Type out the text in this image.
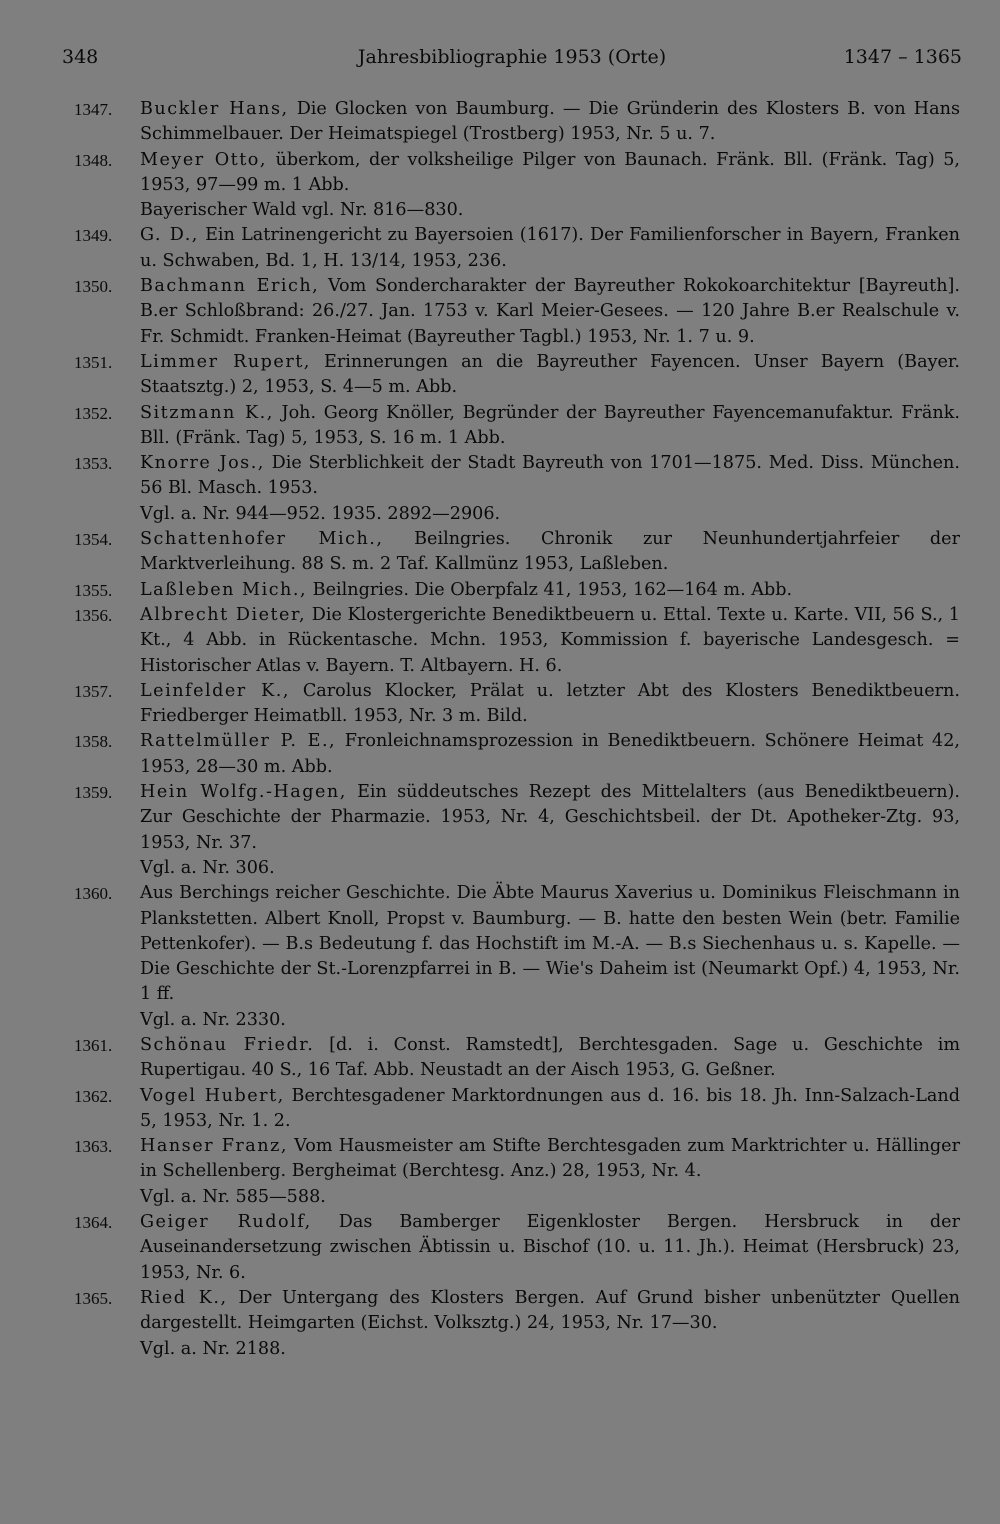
348	Jahresbibliographie 1953 (Orte)	1347 – 1365
1347. Buckler Hans, Die Glocken von Baumburg. — Die Gründerin des Klosters B. von Hans Schimmelbauer. Der Heimatspiegel (Trostberg) 1953, Nr. 5 u. 7.
1348. Meyer Otto, überkom, der volksheilige Pilger von Baunach. Fränk. Bll. (Fränk. Tag) 5, 1953, 97—99 m. 1 Abb.
Bayerischer Wald vgl. Nr. 816—830.
1349. G. D., Ein Latrinengericht zu Bayersoien (1617). Der Familienforscher in Bayern, Franken u. Schwaben, Bd. 1, H. 13/14, 1953, 236.
1350. Bachmann Erich, Vom Sondercharakter der Bayreuther Rokokoarchitektur [Bayreuth]. B.er Schloßbrand: 26./27. Jan. 1753 v. Karl Meier-Gesees. — 120 Jahre B.er Realschule v. Fr. Schmidt. Franken-Heimat (Bayreuther Tagbl.) 1953, Nr. 1. 7 u. 9.
1351. Limmer Rupert, Erinnerungen an die Bayreuther Fayencen. Unser Bayern (Bayer. Staatsztg.) 2, 1953, S. 4—5 m. Abb.
1352. Sitzmann K., Joh. Georg Knöller, Begründer der Bayreuther Fayencemanufaktur. Fränk. Bll. (Fränk. Tag) 5, 1953, S. 16 m. 1 Abb.
1353. Knorre Jos., Die Sterblichkeit der Stadt Bayreuth von 1701—1875. Med. Diss. München. 56 Bl. Masch. 1953.
Vgl. a. Nr. 944—952. 1935. 2892—2906.
1354. Schattenhofer Mich., Beilngries. Chronik zur Neunhundertjahrfeier der Marktverleihung. 88 S. m. 2 Taf. Kallmünz 1953, Laßleben.
1355. Laßleben Mich., Beilngries. Die Oberpfalz 41, 1953, 162—164 m. Abb.
1356. Albrecht Dieter, Die Klostergerichte Benediktbeuern u. Ettal. Texte u. Karte. VII, 56 S., 1 Kt., 4 Abb. in Rückentasche. Mchn. 1953, Kommission f. bayerische Landesgesch. = Historischer Atlas v. Bayern. T. Altbayern. H. 6.
1357. Leinfelder K., Carolus Klocker, Prälat u. letzter Abt des Klosters Benediktbeuern. Friedberger Heimatbll. 1953, Nr. 3 m. Bild.
1358. Rattelmüller P. E., Fronleichnamsprozession in Benediktbeuern. Schönere Heimat 42, 1953, 28—30 m. Abb.
1359. Hein Wolfg.-Hagen, Ein süddeutsches Rezept des Mittelalters (aus Benediktbeuern). Zur Geschichte der Pharmazie. 1953, Nr. 4, Geschichtsbeil. der Dt. Apotheker-Ztg. 93, 1953, Nr. 37.
Vgl. a. Nr. 306.
1360. Aus Berchings reicher Geschichte. Die Äbte Maurus Xaverius u. Dominikus Fleischmann in Plankstetten. Albert Knoll, Propst v. Baumburg. — B. hatte den besten Wein (betr. Familie Pettenkofer). — B.s Bedeutung f. das Hochstift im M.-A. — B.s Siechenhaus u. s. Kapelle. — Die Geschichte der St.-Lorenzpfarrei in B. — Wie's Daheim ist (Neumarkt Opf.) 4, 1953, Nr. 1 ff.
Vgl. a. Nr. 2330.
1361. Schönau Friedr. [d. i. Const. Ramstedt], Berchtesgaden. Sage u. Geschichte im Rupertigau. 40 S., 16 Taf. Abb. Neustadt an der Aisch 1953, G. Geßner.
1362. Vogel Hubert, Berchtesgadener Marktordnungen aus d. 16. bis 18. Jh. Inn-Salzach-Land 5, 1953, Nr. 1. 2.
1363. Hanser Franz, Vom Hausmeister am Stifte Berchtesgaden zum Marktrichter u. Hällinger in Schellenberg. Bergheimat (Berchtesg. Anz.) 28, 1953, Nr. 4.
Vgl. a. Nr. 585—588.
1364. Geiger Rudolf, Das Bamberger Eigenkloster Bergen. Hersbruck in der Auseinandersetzung zwischen Äbtissin u. Bischof (10. u. 11. Jh.). Heimat (Hersbruck) 23, 1953, Nr. 6.
1365. Ried K., Der Untergang des Klosters Bergen. Auf Grund bisher unbenützter Quellen dargestellt. Heimgarten (Eichst. Volksztg.) 24, 1953, Nr. 17—30.
Vgl. a. Nr. 2188.
